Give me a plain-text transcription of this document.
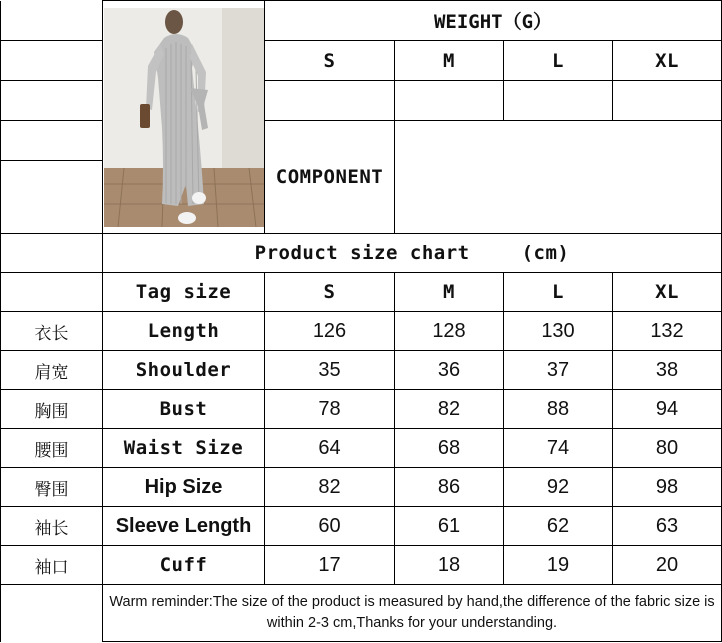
	WEIGHT（G）			
		S	M	L	XL

		COMPONENT			

	Product size chart (cm)				
	Tag size	S	M	L	XL
衣长	Length	126	128	130	132
肩宽	Shoulder	35	36	37	38
胸围	Bust	78	82	88	94
腰围	Waist Size	64	68	74	80
臀围	Hip Size	82	86	92	98
袖长	Sleeve Length	60	61	62	63
袖口	Cuff	17	18	19	20
	Warm reminder:The size of the product is measured by hand,the difference of the fabric size is within 2-3 cm,Thanks for your understanding.				
